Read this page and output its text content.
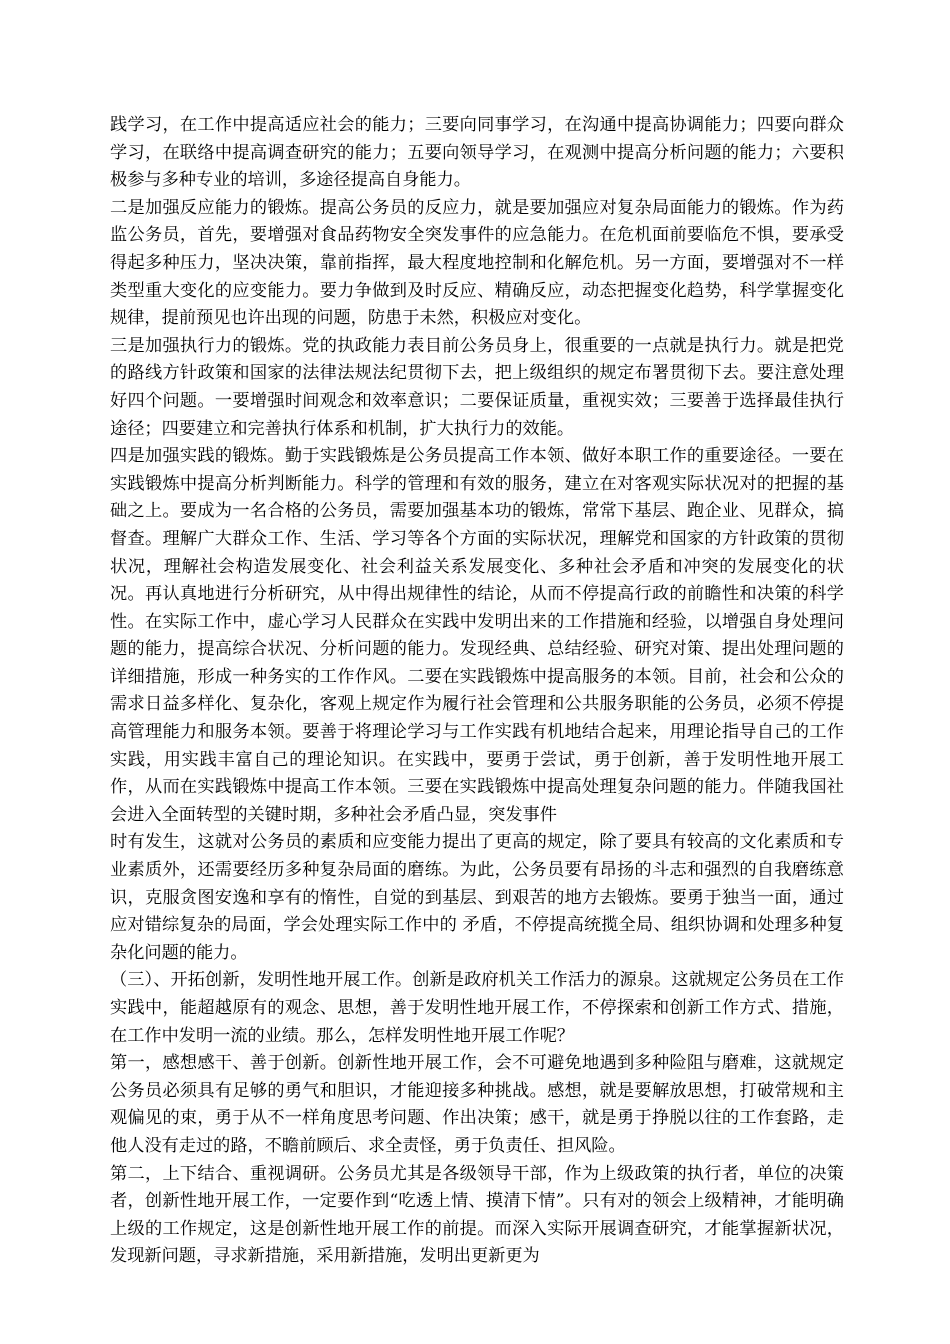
践学习，在工作中提高适应社会的能力；三要向同事学习，在沟通中提高协调能力；四要向群众学习，在联络中提高调查研究的能力；五要向领导学习，在观测中提高分析问题的能力；六要积极参与多种专业的培训，多途径提高自身能力。

二是加强反应能力的锻炼。提高公务员的反应力，就是要加强应对复杂局面能力的锻炼。作为药监公务员，首先，要增强对食品药物安全突发事件的应急能力。在危机面前要临危不惧，要承受得起多种压力，坚决决策，靠前指挥，最大程度地控制和化解危机。另一方面，要增强对不一样类型重大变化的应变能力。要力争做到及时反应、精确反应，动态把握变化趋势，科学掌握变化规律，提前预见也许出现的问题，防患于未然，积极应对变化。

三是加强执行力的锻炼。党的执政能力表目前公务员身上，很重要的一点就是执行力。就是把党的路线方针政策和国家的法律法规法纪贯彻下去，把上级组织的规定布署贯彻下去。要注意处理好四个问题。一要增强时间观念和效率意识；二要保证质量，重视实效；三要善于选择最佳执行途径；四要建立和完善执行体系和机制，扩大执行力的效能。

四是加强实践的锻炼。勤于实践锻炼是公务员提高工作本领、做好本职工作的重要途径。一要在实践锻炼中提高分析判断能力。科学的管理和有效的服务，建立在对客观实际状况对的把握的基础之上。要成为一名合格的公务员，需要加强基本功的锻炼，常常下基层、跑企业、见群众，搞督查。理解广大群众工作、生活、学习等各个方面的实际状况，理解党和国家的方针政策的贯彻状况，理解社会构造发展变化、社会利益关系发展变化、多种社会矛盾和冲突的发展变化的状况。再认真地进行分析研究，从中得出规律性的结论，从而不停提高行政的前瞻性和决策的科学性。在实际工作中，虚心学习人民群众在实践中发明出来的工作措施和经验，以增强自身处理问题的能力，提高综合状况、分析问题的能力。发现经典、总结经验、研究对策、提出处理问题的详细措施，形成一种务实的工作作风。二要在实践锻炼中提高服务的本领。目前，社会和公众的需求日益多样化、复杂化，客观上规定作为履行社会管理和公共服务职能的公务员，必须不停提高管理能力和服务本领。要善于将理论学习与工作实践有机地结合起来，用理论指导自己的工作实践，用实践丰富自己的理论知识。在实践中，要勇于尝试，勇于创新，善于发明性地开展工作，从而在实践锻炼中提高工作本领。三要在实践锻炼中提高处理复杂问题的能力。伴随我国社会进入全面转型的关键时期，多种社会矛盾凸显，突发事件

时有发生，这就对公务员的素质和应变能力提出了更高的规定，除了要具有较高的文化素质和专业素质外，还需要经历多种复杂局面的磨练。为此，公务员要有昂扬的斗志和强烈的自我磨练意识，克服贪图安逸和享有的惰性，自觉的到基层、到艰苦的地方去锻炼。要勇于独当一面，通过应对错综复杂的局面，学会处理实际工作中的 矛盾，不停提高统揽全局、组织协调和处理多种复杂化问题的能力。

（三）、开拓创新，发明性地开展工作。创新是政府机关工作活力的源泉。这就规定公务员在工作实践中，能超越原有的观念、思想，善于发明性地开展工作，不停探索和创新工作方式、措施，在工作中发明一流的业绩。那么，怎样发明性地开展工作呢？

第一，感想感干、善于创新。创新性地开展工作，会不可避免地遇到多种险阻与磨难，这就规定公务员必须具有足够的勇气和胆识，才能迎接多种挑战。感想，就是要解放思想，打破常规和主观偏见的束，勇于从不一样角度思考问题、作出决策；感干，就是勇于挣脱以往的工作套路，走他人没有走过的路，不瞻前顾后、求全责怪，勇于负责任、担风险。

第二，上下结合、重视调研。公务员尤其是各级领导干部，作为上级政策的执行者，单位的决策者，创新性地开展工作，一定要作到“吃透上情、摸清下情”。只有对的领会上级精神，才能明确上级的工作规定，这是创新性地开展工作的前提。而深入实际开展调查研究，才能掌握新状况，发现新问题，寻求新措施，采用新措施，发明出更新更为
